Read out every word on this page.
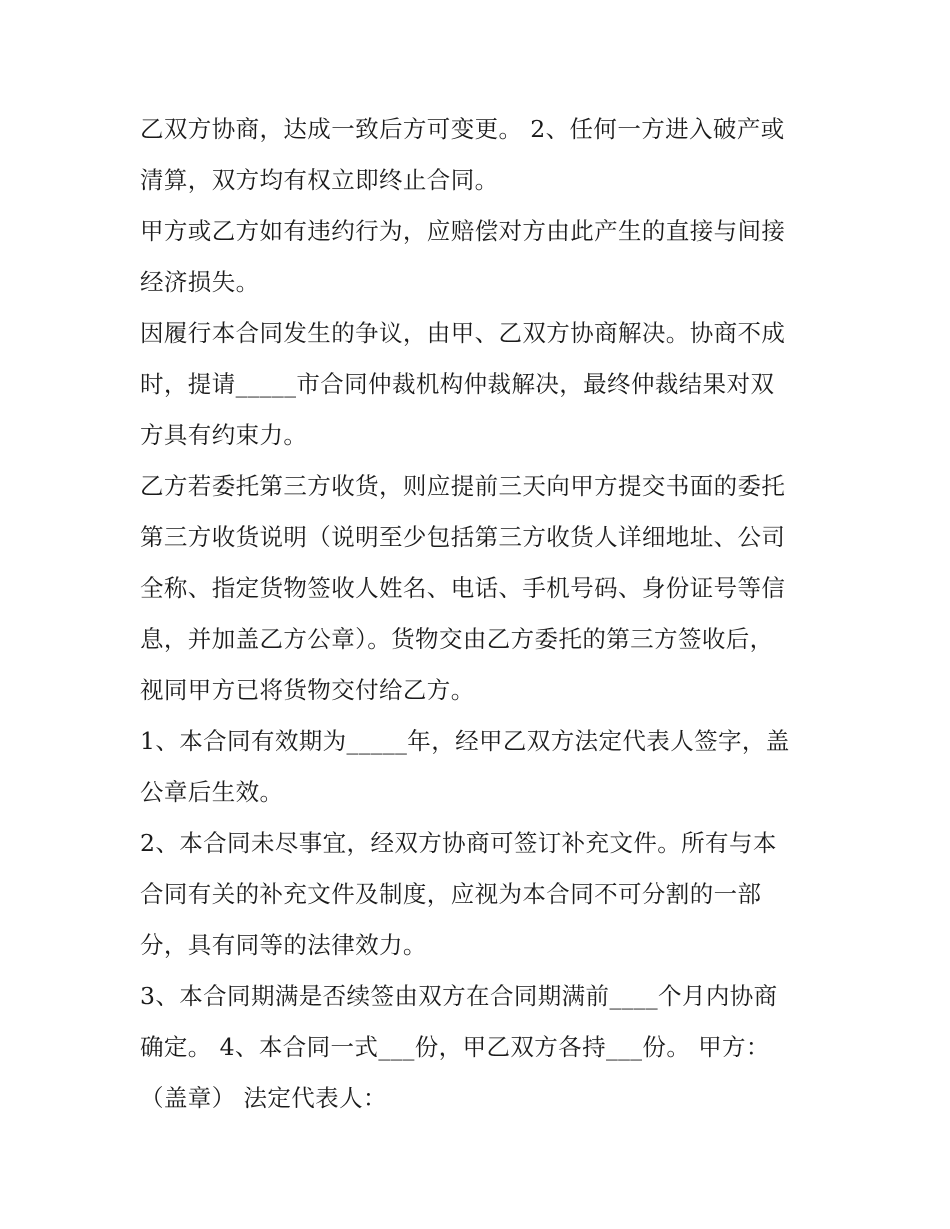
乙双方协商，达成一致后方可变更。 2、任何一方进入破产或
清算，双方均有权立即终止合同。
甲方或乙方如有违约行为，应赔偿对方由此产生的直接与间接
经济损失。
因履行本合同发生的争议，由甲、乙双方协商解决。协商不成
时，提请_____市合同仲裁机构仲裁解决，最终仲裁结果对双
方具有约束力。
乙方若委托第三方收货，则应提前三天向甲方提交书面的委托
第三方收货说明（说明至少包括第三方收货人详细地址、公司
全称、指定货物签收人姓名、电话、手机号码、身份证号等信
息，并加盖乙方公章）。货物交由乙方委托的第三方签收后，
视同甲方已将货物交付给乙方。
1、本合同有效期为_____年，经甲乙双方法定代表人签字，盖
公章后生效。
2、本合同未尽事宜，经双方协商可签订补充文件。所有与本
合同有关的补充文件及制度，应视为本合同不可分割的一部
分，具有同等的法律效力。
3、本合同期满是否续签由双方在合同期满前____个月内协商
确定。 4、本合同一式___份，甲乙双方各持___份。 甲方：
（盖章） 法定代表人：
